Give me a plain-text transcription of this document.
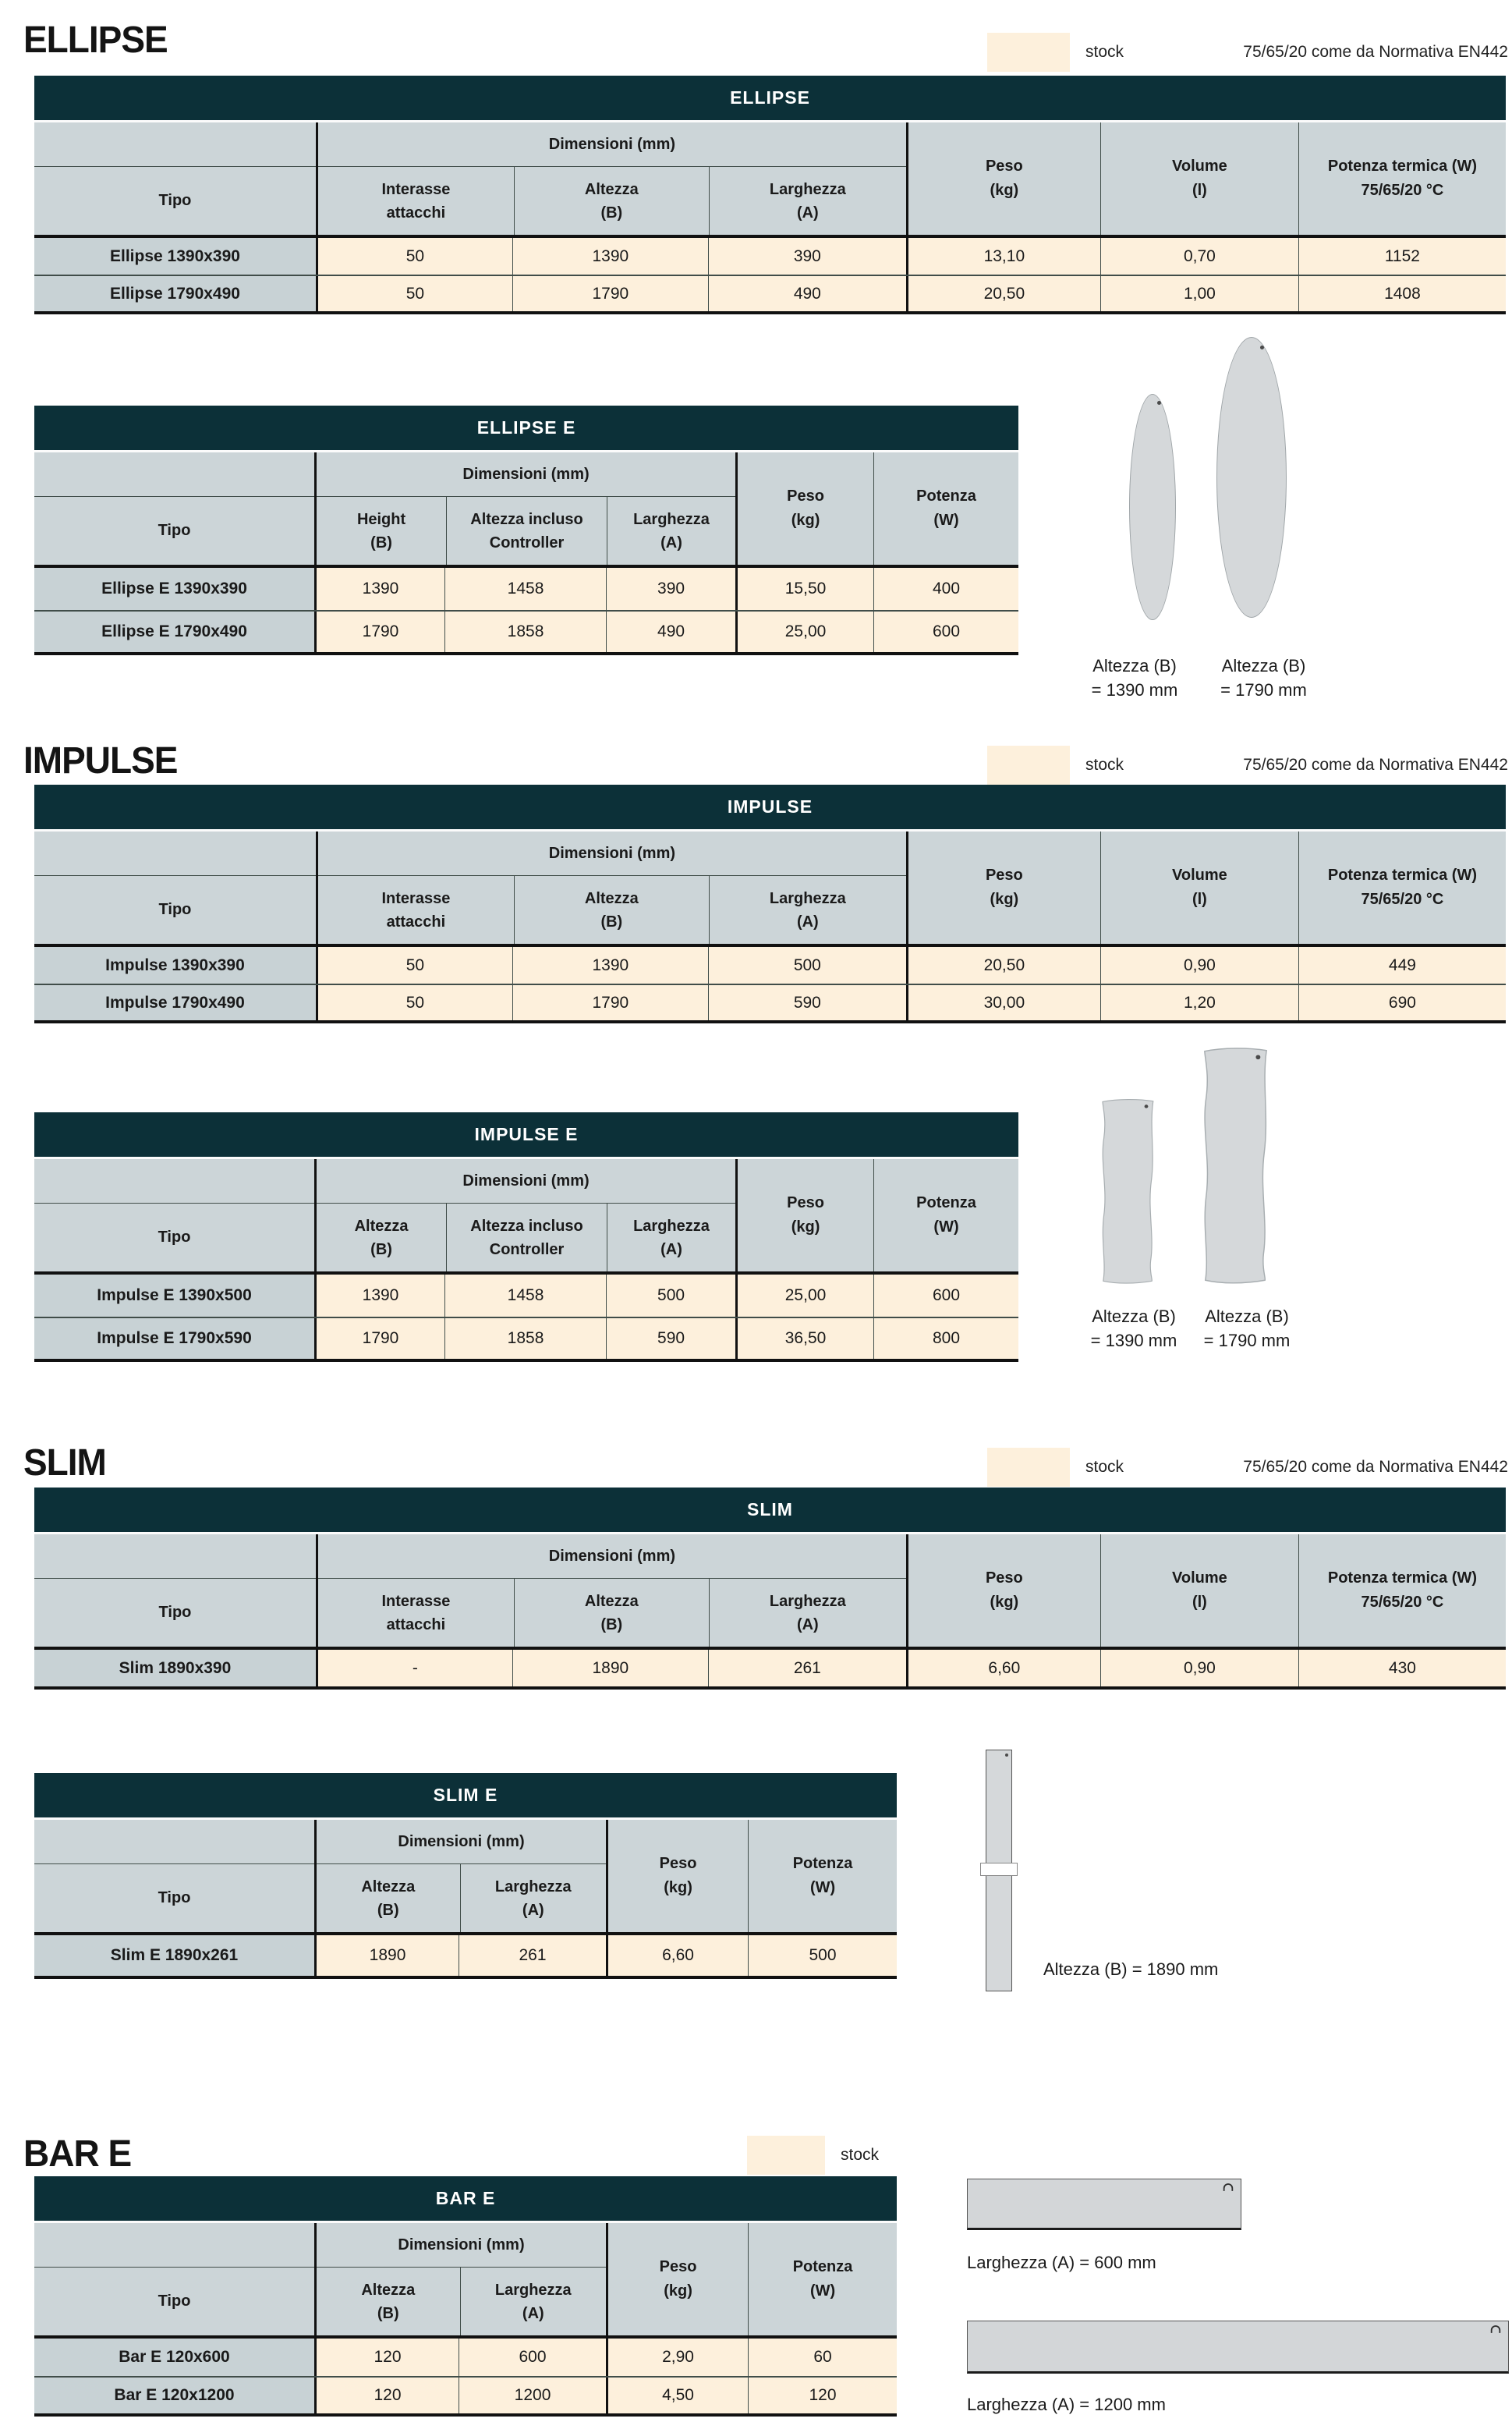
ELLIPSE	stock	75/65/20 come da Normativa EN442
ELLIPSE
Tipo
Dimensioni (mm)
Interasse
attacchi
Altezza
(B)
Larghezza
(A)
Peso
(kg)
Volume
(l)
Potenza termica (W)
75/65/20 °C
Ellipse 1390x390	50	1390	390	13,10	0,70	1152
Ellipse 1790x490	50	1790	490	20,50	1,00	1408
ELLIPSE E
Tipo
Dimensioni (mm)
Height
(B)
Altezza incluso
Controller
Larghezza
(A)
Peso
(kg)
Potenza
(W)
Ellipse E 1390x390	1390	1458	390	15,50	400
Ellipse E 1790x490	1790	1858	490	25,00	600
Altezza (B)
= 1390 mm
Altezza (B)
= 1790 mm
IMPULSE	stock	75/65/20 come da Normativa EN442
IMPULSE
Tipo
Dimensioni (mm)
Interasse
attacchi
Altezza
(B)
Larghezza
(A)
Peso
(kg)
Volume
(l)
Potenza termica (W)
75/65/20 °C
Impulse 1390x390	50	1390	500	20,50	0,90	449
Impulse 1790x490	50	1790	590	30,00	1,20	690
IMPULSE E
Tipo
Dimensioni (mm)
Altezza
(B)
Altezza incluso
Controller
Larghezza
(A)
Peso
(kg)
Potenza
(W)
Impulse E 1390x500	1390	1458	500	25,00	600
Impulse E 1790x590	1790	1858	590	36,50	800
Altezza (B)
= 1390 mm
Altezza (B)
= 1790 mm
SLIM	stock	75/65/20 come da Normativa EN442
SLIM
Tipo
Dimensioni (mm)
Interasse
attacchi
Altezza
(B)
Larghezza
(A)
Peso
(kg)
Volume
(l)
Potenza termica (W)
75/65/20 °C
Slim 1890x390	-	1890	261	6,60	0,90	430
SLIM E
Tipo
Dimensioni (mm)
Altezza
(B)
Larghezza
(A)
Peso
(kg)
Potenza
(W)
Slim E 1890x261	1890	261	6,60	500
Altezza (B) = 1890 mm
BAR E	stock
BAR E
Tipo
Dimensioni (mm)
Altezza
(B)
Larghezza
(A)
Peso
(kg)
Potenza
(W)
Bar E 120x600	120	600	2,90	60
Bar E 120x1200	120	1200	4,50	120
Larghezza (A) = 600 mm
Larghezza (A) = 1200 mm
